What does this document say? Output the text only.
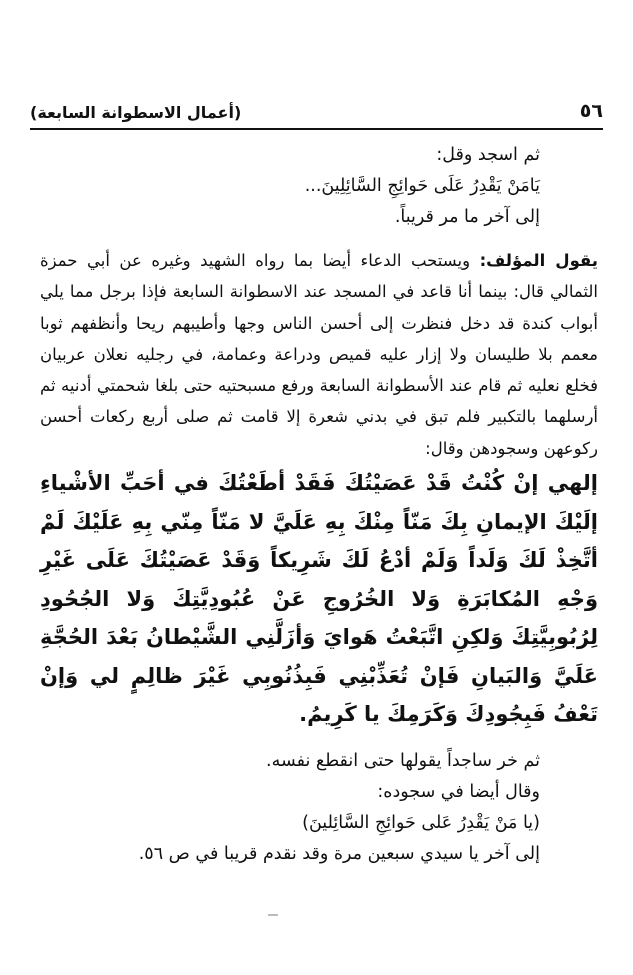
٥٦
(أعمال الاسطوانة السابعة)

ثم اسجد وقل:

يَامَنْ يَقْدِرُ عَلَى حَوائِجِ السَّائِلِينَ...

إلى آخر ما مر قريباً.

يقول المؤلف: ويستحب الدعاء أيضا بما رواه الشهيد وغيره عن أبي حمزة الثمالي قال: بينما أنا قاعد في المسجد عند الاسطوانة السابعة فإذا برجل مما يلي أبواب كندة قد دخل فنظرت إلى أحسن الناس وجها وأطيبهم ريحا وأنظفهم ثوبا معمم بلا طليسان ولا إزار عليه قميص ودراعة وعمامة، في رجليه نعلان عربيان فخلع نعليه ثم قام عند الأسطوانة السابعة ورفع مسبحتيه حتى بلغا شحمتي أدنيه ثم أرسلهما بالتكبير فلم تبق في بدني شعرة إلا قامت ثم صلى أربع ركعات أحسن ركوعهن وسجودهن وقال:

إلهي إنْ كُنْتُ قَدْ عَصَيْتُكَ فَقَدْ أطَعْتُكَ في أحَبِّ الأشْياءِ إلَيْكَ الإيمانِ بِكَ مَنّاً مِنْكَ بِهِ عَلَيَّ لا مَنّاً مِنّي بِهِ عَلَيْكَ لَمْ أتَّخِذْ لَكَ وَلَداً وَلَمْ أدْعُ لَكَ شَرِيكاً وَقَدْ عَصَيْتُكَ عَلَى غَيْرِ وَجْهِ المُكابَرَةِ وَلا الخُرُوجِ عَنْ عُبُودِيَّتِكَ وَلا الجُحُودِ لِرُبُوبِيَّتِكَ وَلكِنِ اتَّبَعْتُ هَوايَ وَأزَلَّنِي الشَّيْطانُ بَعْدَ الحُجَّةِ عَلَيَّ وَالبَيانِ فَإنْ تُعَذِّبْنِي فَبِذُنُوبِي غَيْرَ ظالِمٍ لي وَإنْ تَعْفُ فَبِجُودِكَ وَكَرَمِكَ يا كَرِيمُ.

ثم خر ساجداً يقولها حتى انقطع نفسه.

وقال أيضا في سجوده:

(يا مَنْ يَقْدِرُ عَلى حَوائِجِ السَّائِلينَ)

إلى آخر يا سيدي سبعين مرة وقد نقدم قريبا في ص ٥٦.
